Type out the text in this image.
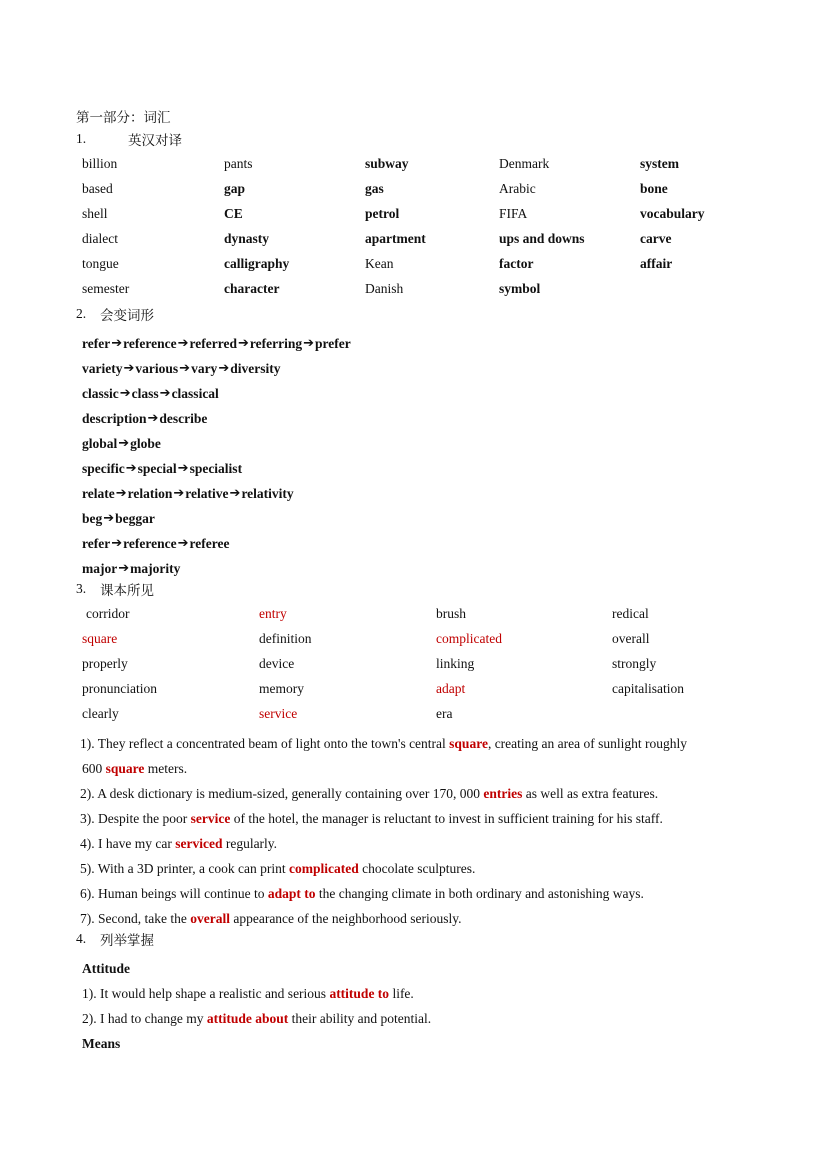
第一部分：词汇
1.	英汉对译
billion	pants	subway	Denmark	system
based	gap	gas	Arabic	bone
shell	CE	petrol	FIFA	vocabulary
dialect	dynasty	apartment	ups and downs	carve
tongue	calligraphy	Kean	factor	affair
semester	character	Danish	symbol
2.	会变词形
refer ➔ reference ➔ referred ➔ referring ➔ prefer
variety ➔ various ➔ vary ➔ diversity
classic ➔ class ➔ classical
description ➔ describe
global ➔ globe
specific ➔ special ➔ specialist
relate ➔ relation ➔ relative ➔ relativity
beg ➔ beggar
refer ➔ reference ➔ referee
major ➔ majority
3.	课本所见
corridor	entry	brush	redical
square	definition	complicated	overall
properly	device	linking	strongly
pronunciation	memory	adapt	capitalisation
clearly	service	era
1). They reflect a concentrated beam of light onto the town's central square, creating an area of sunlight roughly
600 square meters.
2). A desk dictionary is medium-sized, generally containing over 170, 000 entries as well as extra features.
3). Despite the poor service of the hotel, the manager is reluctant to invest in sufficient training for his staff.
4). I have my car serviced regularly.
5). With a 3D printer, a cook can print complicated chocolate sculptures.
6). Human beings will continue to adapt to the changing climate in both ordinary and astonishing ways.
7). Second, take the overall appearance of the neighborhood seriously.
4.	列举掌握
Attitude
1). It would help shape a realistic and serious attitude to life.
2). I had to change my attitude about their ability and potential.
Means
